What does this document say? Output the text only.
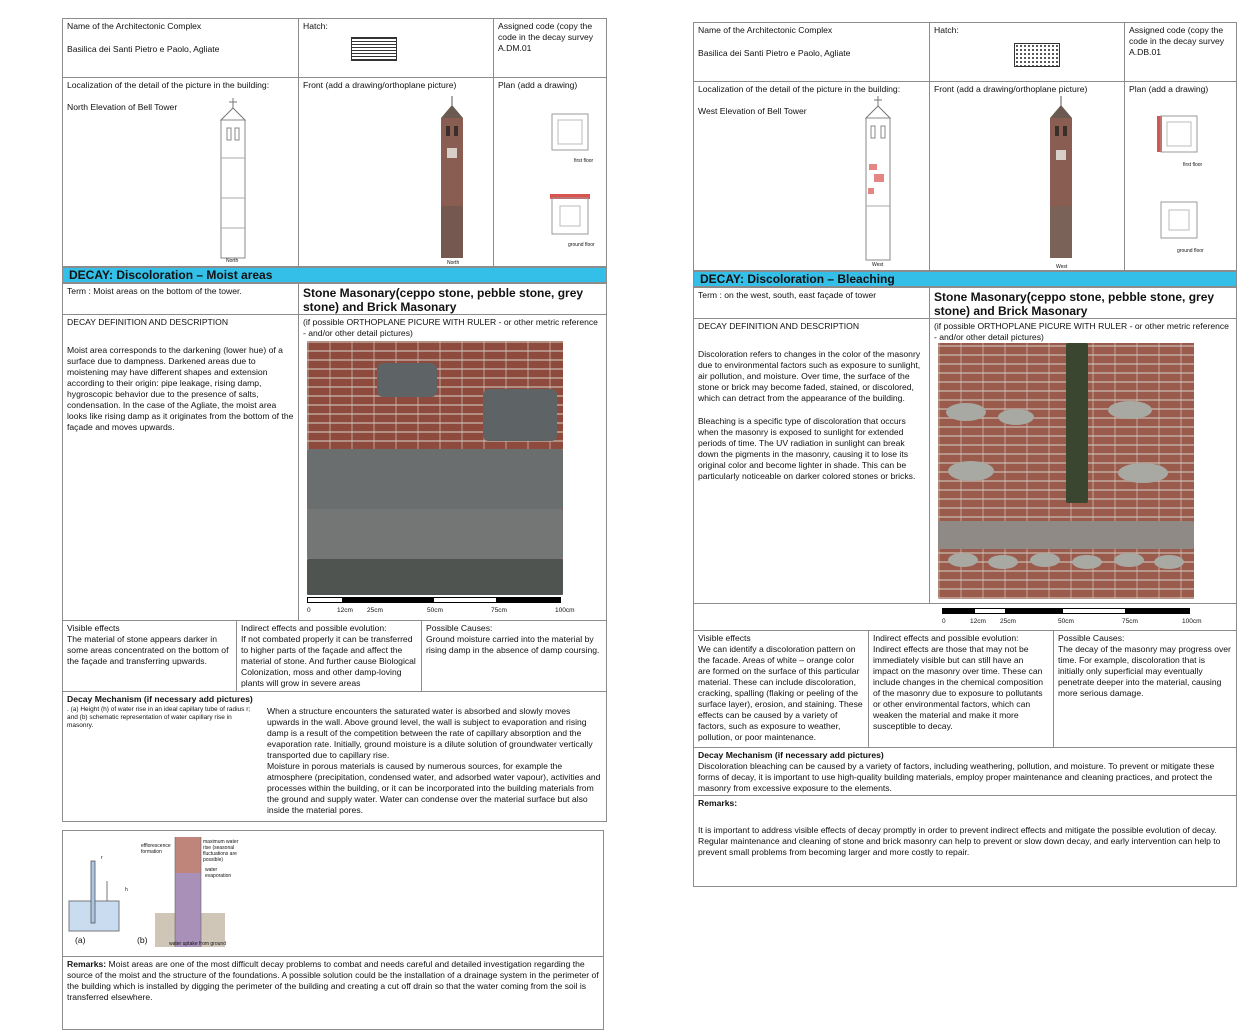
Name of the Architectonic Complex
Basilica dei Santi Pietro e Paolo, Agliate
Hatch:	Assigned code (copy the code in the decay survey
A.DM.01
Localization of the detail of the picture in the building:
North Elevation of Bell Tower
North
Front (add a drawing/orthoplane picture)
North
Plan (add a drawing)
first floor
ground floor
DECAY: Discoloration – Moist areas
Term : Moist areas on the bottom of the tower.	Stone Masonary(ceppo stone, pebble stone, grey stone) and Brick Masonary
DECAY DEFINITION AND DESCRIPTION
Moist area corresponds to the darkening (lower hue) of a surface due to dampness. Darkened areas due to moistening may have different shapes and extension according to their origin: pipe leakage, rising damp, hygroscopic behavior due to the presence of salts, condensation. In the case of the Agliate, the moist area looks like rising damp as it originates from the bottom of the façade and moves upwards.
(if possible ORTHOPLANE PICURE WITH RULER - or other metric reference - and/or other detail pictures)
0	12cm 25cm	50cm	75cm	100cm
Visible effects
The material of stone appears darker in some areas concentrated on the bottom of the façade and transferring upwards.
Indirect effects and possible evolution:
If not combated properly it can be transferred to higher parts of the façade and affect the material of stone. And further cause Biological Colonization, moss and other damp-loving plants will grow in severe areas
Possible Causes:
Ground moisture carried into the material by rising damp in the absence of damp coursing.
Decay Mechanism (if necessary add pictures)
. (a) Height (h) of water rise in an ideal capillary tube of radius r; and (b) schematic representation of water capillary rise in masonry.
When a structure encounters the saturated water is absorbed and slowly moves upwards in the wall. Above ground level, the wall is subject to evaporation and rising damp is a result of the competition between the rate of capillary absorption and the evaporation rate. Initially, ground moisture is a dilute solution of groundwater vertically transported due to capillary rise.
Moisture in porous materials is caused by numerous sources, for example the atmosphere (precipitation, condensed water, and adsorbed water vapour), activities and processes within the building, or it can be incorporated into the building materials from the ground and supply water. Water can condense over the material surface but also inside the material pores.
r
h
efflorescence formation
maximum water rise (seasonal fluctuations are possible)
water evaporation
water uptake from ground
(a)	(b)
Remarks: Moist areas are one of the most difficult decay problems to combat and needs careful and detailed investigation regarding the source of the moist and the structure of the foundations. A possible solution could be the installation of a drainage system in the perimeter of the building which is installed by digging the perimeter of the building and creating a cut off drain so that the water coming from the soil is transferred elsewhere.
Name of the Architectonic Complex
Basilica dei Santi Pietro e Paolo, Agliate
Hatch:	Assigned code (copy the code in the decay survey
A.DB.01
Localization of the detail of the picture in the building:
West Elevation of Bell Tower
West
Front (add a drawing/orthoplane picture)
West
Plan (add a drawing)
first floor
ground floor
DECAY: Discoloration – Bleaching
Term : on the west, south, east façade of tower	Stone Masonary(ceppo stone, pebble stone, grey stone) and Brick Masonary
DECAY DEFINITION AND DESCRIPTION
Discoloration refers to changes in the color of the masonry due to environmental factors such as exposure to sunlight, air pollution, and moisture. Over time, the surface of the stone or brick may become faded, stained, or discolored, which can detract from the appearance of the building.
Bleaching is a specific type of discoloration that occurs when the masonry is exposed to sunlight for extended periods of time. The UV radiation in sunlight can break down the pigments in the masonry, causing it to lose its original color and become lighter in shade. This can be particularly noticeable on darker colored stones or bricks.
(if possible ORTHOPLANE PICURE WITH RULER - or other metric reference - and/or other detail pictures)
0	12cm 25cm	50cm	75cm	100cm
Visible effects
We can identify a discoloration pattern on the facade. Areas of white – orange color are formed on the surface of this particular material. These can include discoloration, cracking, spalling (flaking or peeling of the surface layer), erosion, and staining. These effects can be caused by a variety of factors, such as exposure to weather, pollution, or poor maintenance.
Indirect effects and possible evolution:
Indirect effects are those that may not be immediately visible but can still have an impact on the masonry over time. These can include changes in the chemical composition of the masonry due to exposure to pollutants or other environmental factors, which can weaken the material and make it more susceptible to decay.
Possible Causes:
The decay of the masonry may progress over time. For example, discoloration that is initially only superficial may eventually penetrate deeper into the material, causing more serious damage.
Decay Mechanism (if necessary add pictures)
Discoloration bleaching can be caused by a variety of factors, including weathering, pollution, and moisture. To prevent or mitigate these forms of decay, it is important to use high-quality building materials, employ proper maintenance and cleaning practices, and protect the masonry from excessive exposure to the elements.
Remarks:
It is important to address visible effects of decay promptly in order to prevent indirect effects and mitigate the possible evolution of decay. Regular maintenance and cleaning of stone and brick masonry can help to prevent or slow down decay, and early intervention can help to prevent small problems from becoming larger and more costly to repair.
